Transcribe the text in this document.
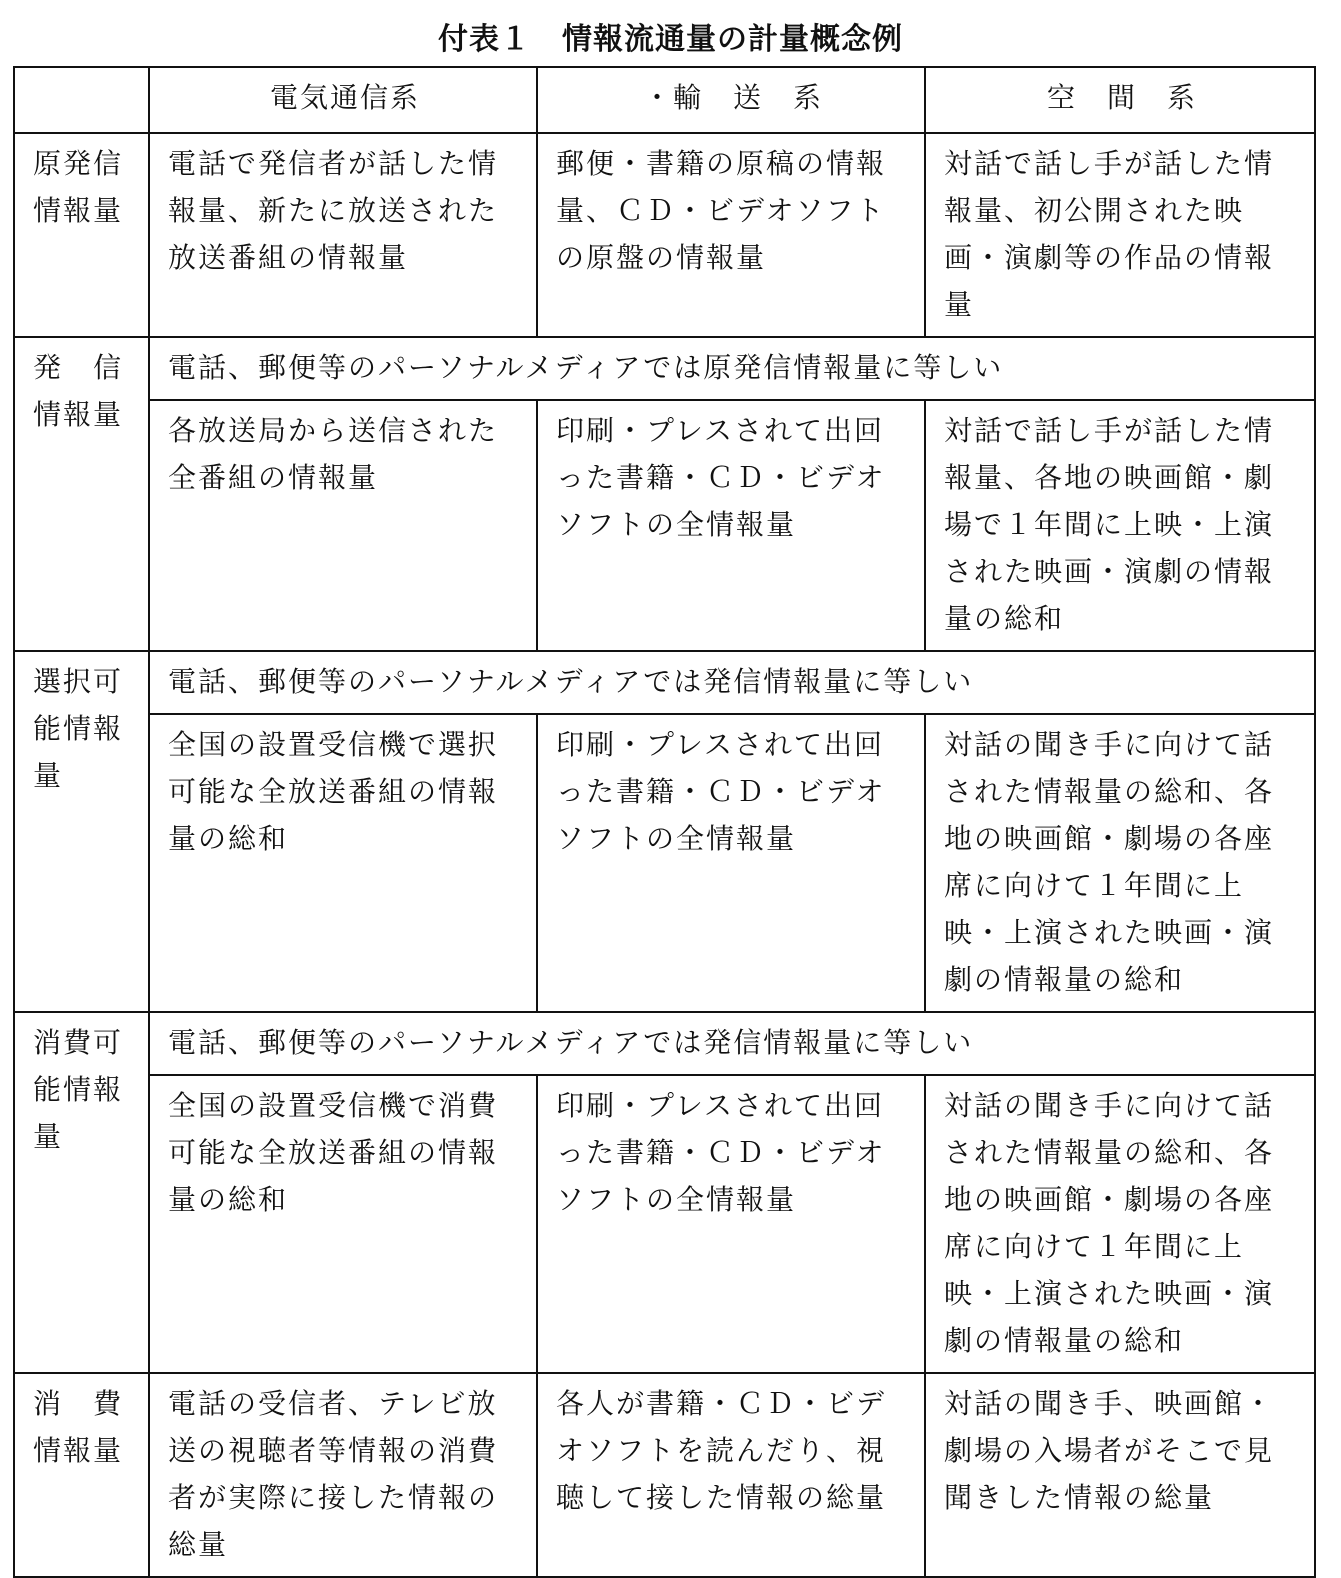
付表１　情報流通量の計量概念例
	電気通信系	・輸　送　系	空　間　系
原発信情報量	電話で発信者が話した情報量、新たに放送された放送番組の情報量	郵便・書籍の原稿の情報量、ＣＤ・ビデオソフトの原盤の情報量	対話で話し手が話した情報量、初公開された映画・演劇等の作品の情報量
発　信情報量	電話、郵便等のパーソナルメディアでは原発信情報量に等しい		
	各放送局から送信された全番組の情報量	印刷・プレスされて出回った書籍・ＣＤ・ビデオソフトの全情報量	対話で話し手が話した情報量、各地の映画館・劇場で１年間に上映・上演された映画・演劇の情報量の総和
選択可能情報量	電話、郵便等のパーソナルメディアでは発信情報量に等しい		
	全国の設置受信機で選択可能な全放送番組の情報量の総和	印刷・プレスされて出回った書籍・ＣＤ・ビデオソフトの全情報量	対話の聞き手に向けて話された情報量の総和、各地の映画館・劇場の各座席に向けて１年間に上映・上演された映画・演劇の情報量の総和
消費可能情報量	電話、郵便等のパーソナルメディアでは発信情報量に等しい		
	全国の設置受信機で消費可能な全放送番組の情報量の総和	印刷・プレスされて出回った書籍・ＣＤ・ビデオソフトの全情報量	対話の聞き手に向けて話された情報量の総和、各地の映画館・劇場の各座席に向けて１年間に上映・上演された映画・演劇の情報量の総和
消　費情報量	電話の受信者、テレビ放送の視聴者等情報の消費者が実際に接した情報の総量	各人が書籍・ＣＤ・ビデオソフトを読んだり、視聴して接した情報の総量	対話の聞き手、映画館・劇場の入場者がそこで見聞きした情報の総量
